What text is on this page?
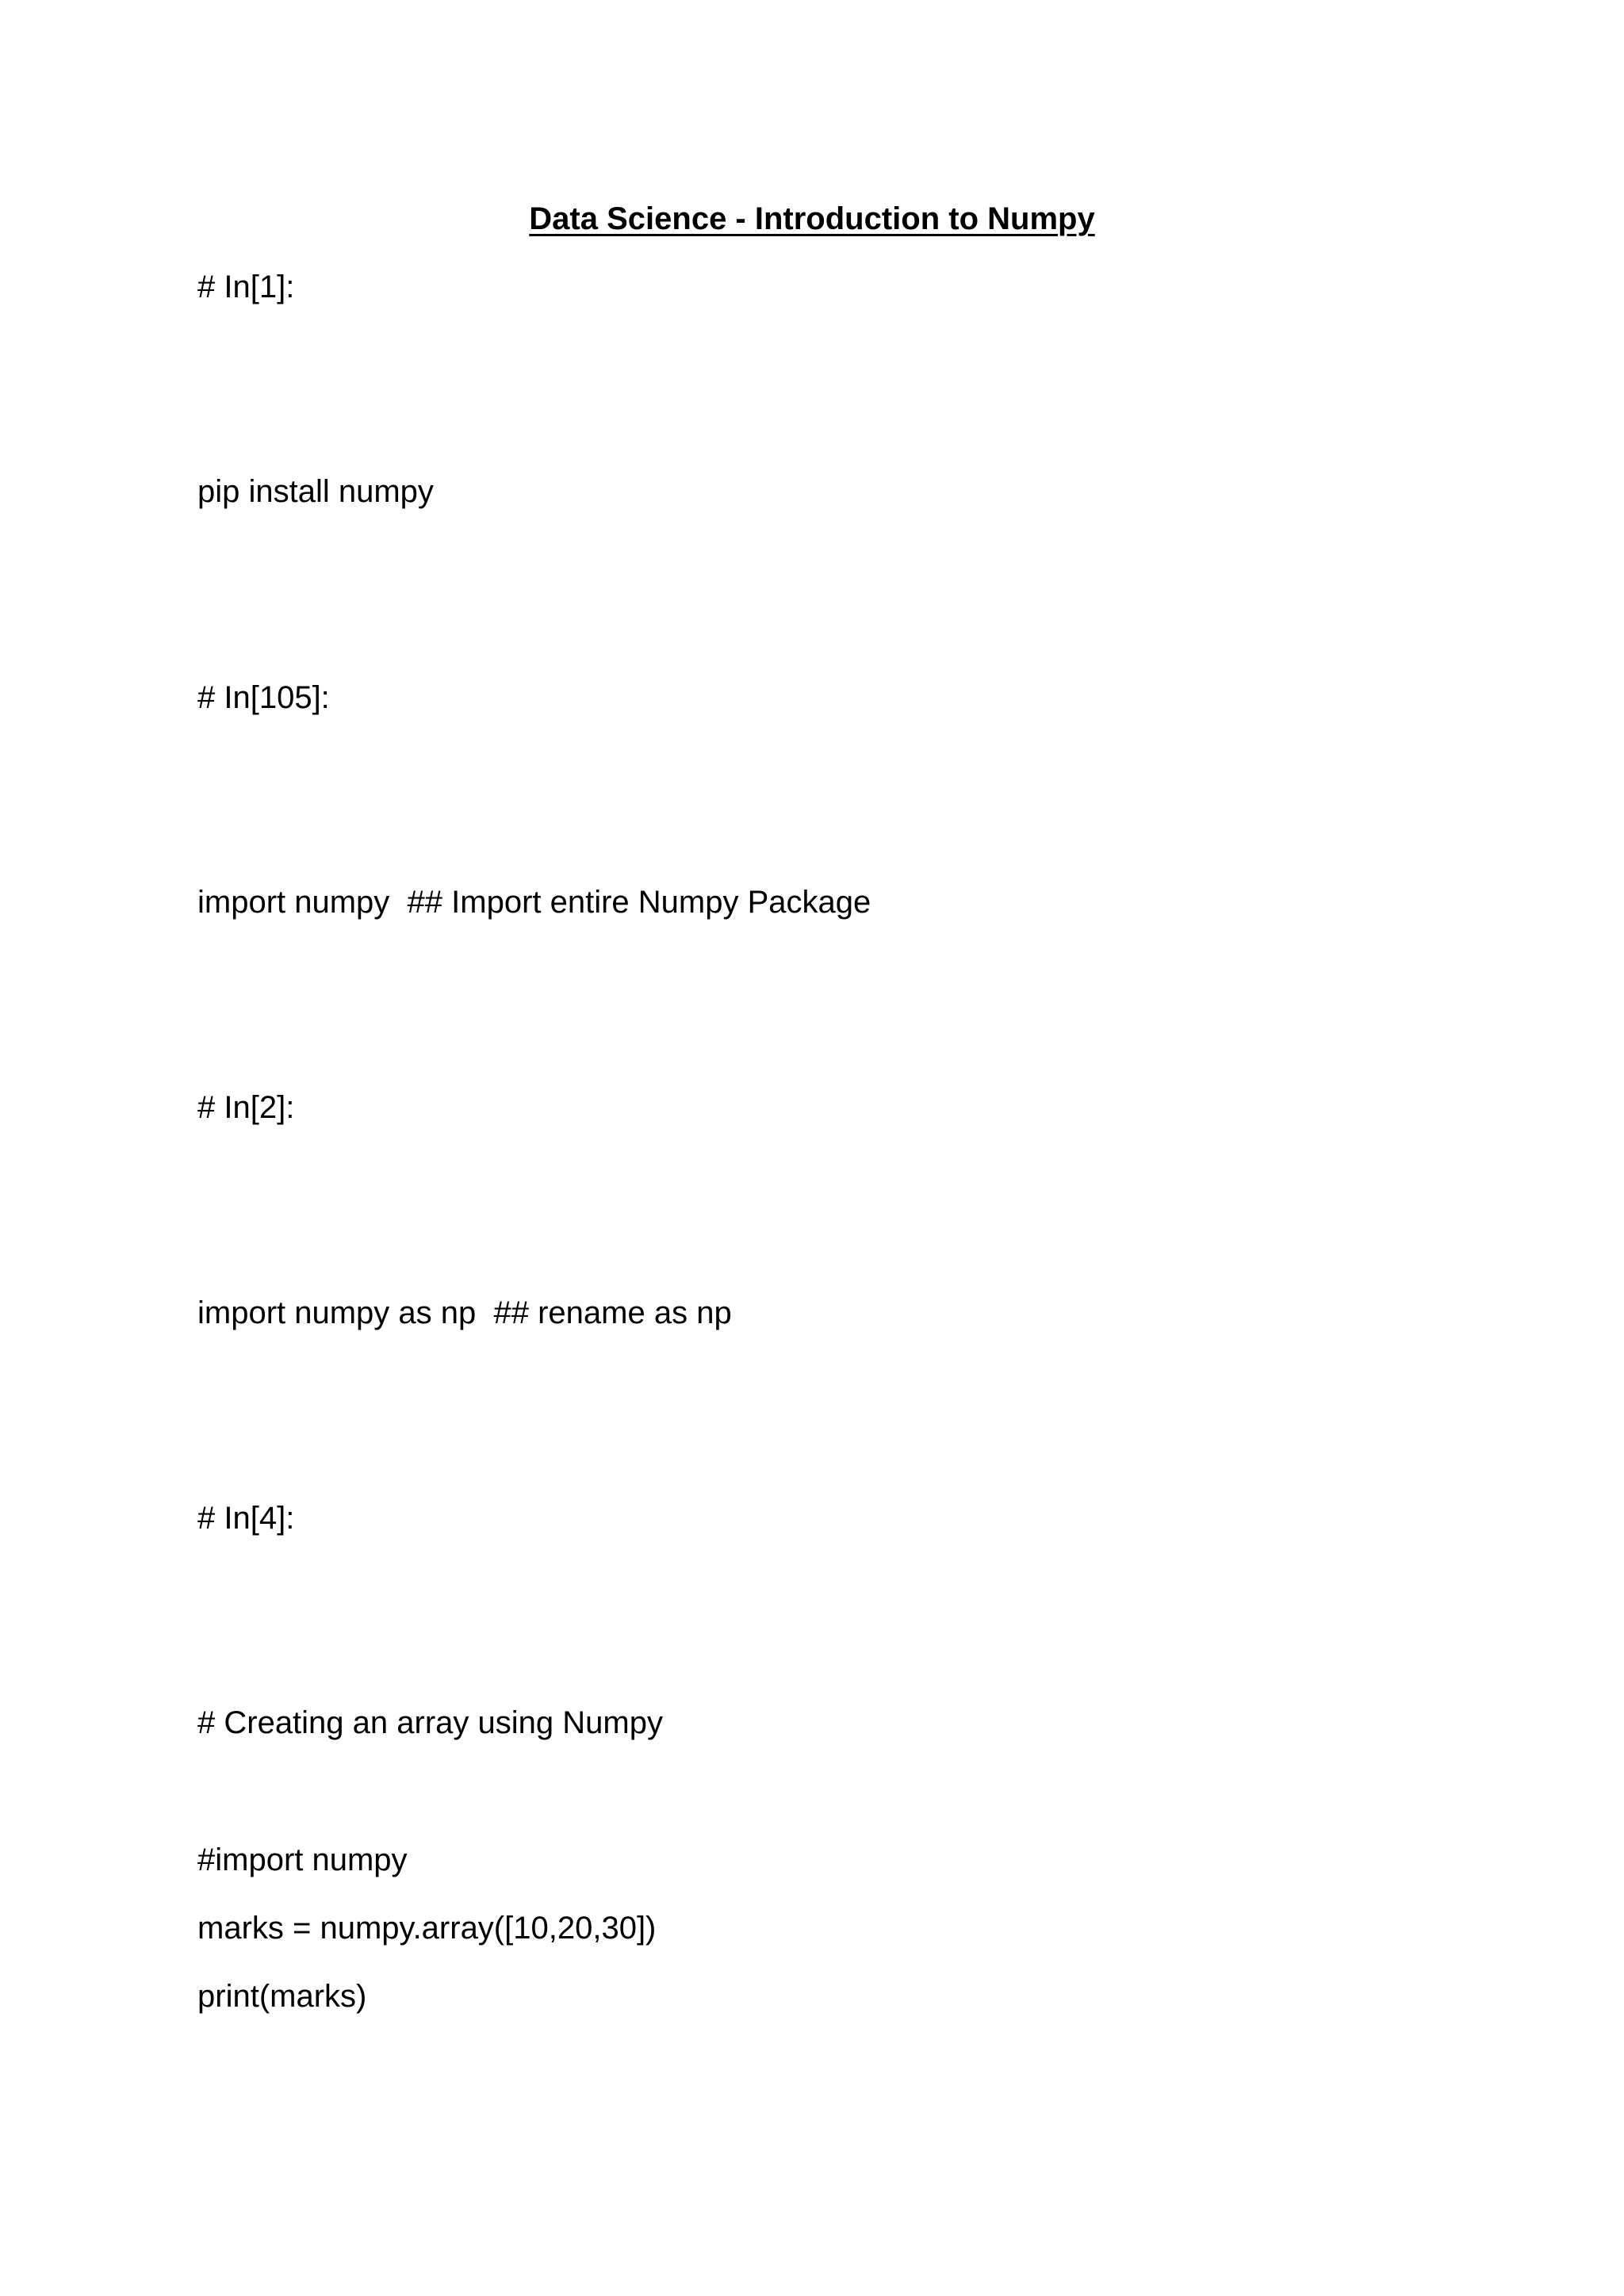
Data Science - Introduction to Numpy
# In[1]:
pip install numpy
# In[105]:
import numpy  ## Import entire Numpy Package
# In[2]:
import numpy as np  ## rename as np
# In[4]:
# Creating an array using Numpy
#import numpy
marks = numpy.array([10,20,30])
print(marks)
